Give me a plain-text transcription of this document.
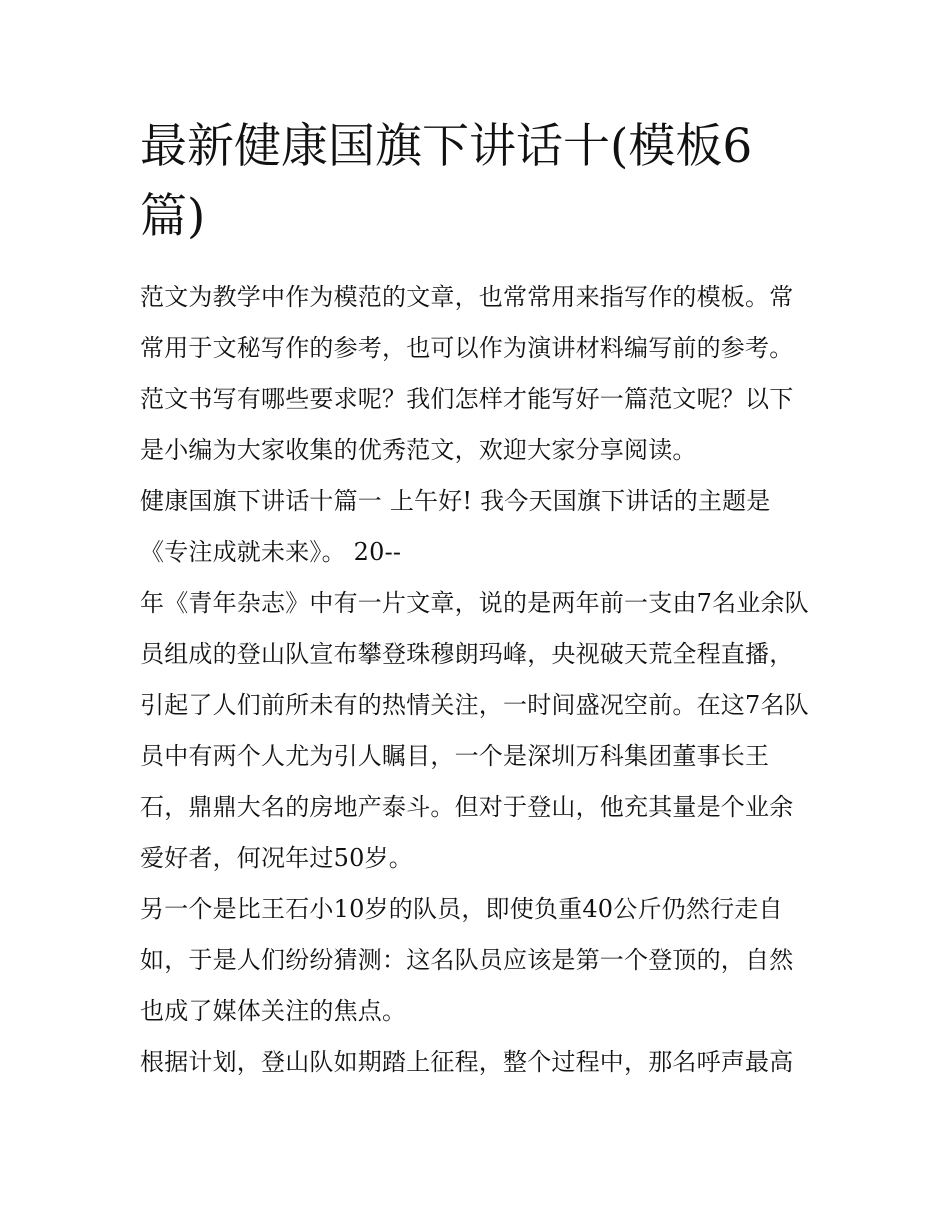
最新健康国旗下讲话十(模板6篇)

范文为教学中作为模范的文章，也常常用来指写作的模板。常常用于文秘写作的参考，也可以作为演讲材料编写前的参考。范文书写有哪些要求呢？我们怎样才能写好一篇范文呢？以下是小编为大家收集的优秀范文，欢迎大家分享阅读。

健康国旗下讲话十篇一 上午好! 我今天国旗下讲话的主题是《专注成就未来》。 20--

年《青年杂志》中有一片文章，说的是两年前一支由7名业余队员组成的登山队宣布攀登珠穆朗玛峰，央视破天荒全程直播，引起了人们前所未有的热情关注，一时间盛况空前。在这7名队员中有两个人尤为引人瞩目，一个是深圳万科集团董事长王石，鼎鼎大名的房地产泰斗。但对于登山，他充其量是个业余爱好者，何况年过50岁。

另一个是比王石小10岁的队员，即使负重40公斤仍然行走自如，于是人们纷纷猜测：这名队员应该是第一个登顶的，自然也成了媒体关注的焦点。

根据计划，登山队如期踏上征程，整个过程中，那名呼声最高
